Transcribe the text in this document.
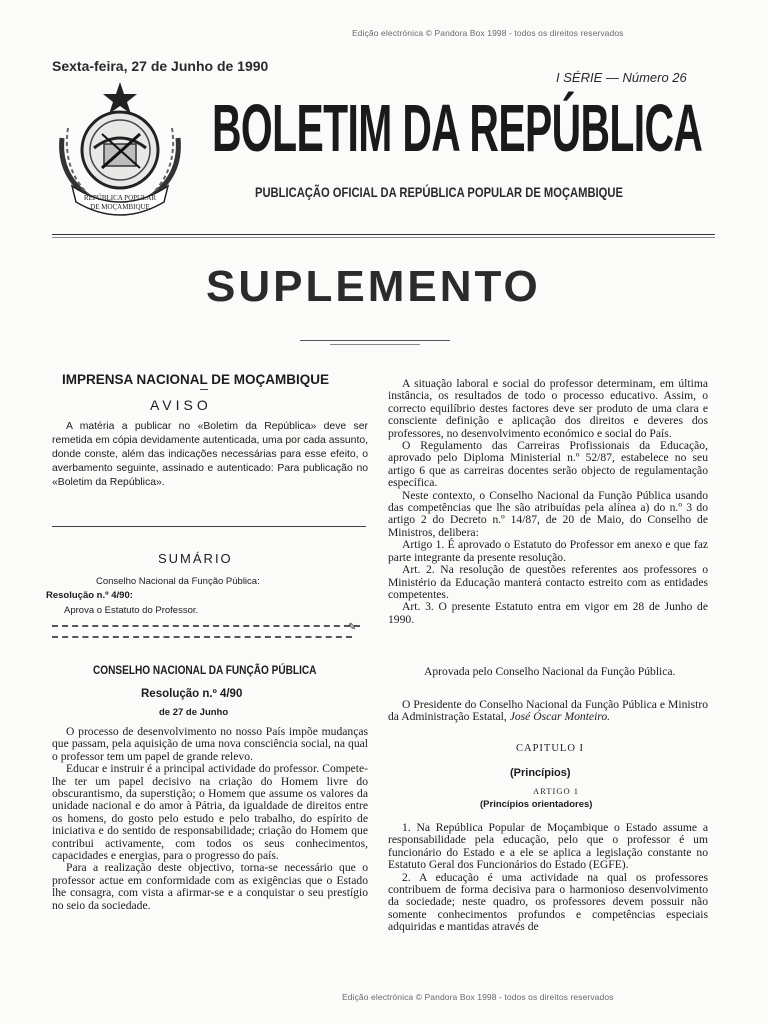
Edição electrónica © Pandora Box 1998 - todos os direitos reservados
Sexta-feira, 27 de Junho de 1990
I SÉRIE — Número 26
REPÚBLICA POPULAR
DE MOÇAMBIQUE
BOLETIM DA REPÚBLICA
PUBLICAÇÃO OFICIAL DA REPÚBLICA POPULAR DE MOÇAMBIQUE
SUPLEMENTO
IMPRENSA NACIONAL DE MOÇAMBIQUE
AVISO

A matéria a publicar no «Boletim da República» deve ser remetida em cópia devidamente autenticada, uma por cada assunto, donde conste, além das indicações necessárias para esse efeito, o averbamento seguinte, assinado e autenticado: Para publicação no «Boletim da República».

SUMÁRIO
Conselho Nacional da Função Pública:
Resolução n.º 4/90:
Aprova o Estatuto do Professor.
✎
CONSELHO NACIONAL DA FUNÇÃO PÚBLICA
Resolução n.º 4/90
de 27 de Junho

O processo de desenvolvimento no nosso País impõe mudanças que passam, pela aquisição de uma nova consciência social, na qual o professor tem um papel de grande relevo.

Educar e instruir é a principal actividade do professor. Compete-lhe ter um papel decisivo na criação do Homem livre do obscurantismo, da superstição; o Homem que assume os valores da unidade nacional e do amor à Pátria, da igualdade de direitos entre os homens, do gosto pelo estudo e pelo trabalho, do espírito de iniciativa e do sentido de responsabilidade; criação do Homem que contribui activamente, com todos os seus conhecimentos, capacidades e energias, para o progresso do país.

Para a realização deste objectivo, torna-se necessário que o professor actue em conformidade com as exigências que o Estado lhe consagra, com vista a afirmar-se e a conquistar o seu prestígio no seio da sociedade.

A situação laboral e social do professor determinam, em última instância, os resultados de todo o processo educativo. Assim, o correcto equilíbrio destes factores deve ser produto de uma clara e consciente definição e aplicação dos direitos e deveres dos professores, no desenvolvimento económico e social do País.

O Regulamento das Carreiras Profissionais da Educação, aprovado pelo Diploma Ministerial n.º 52/87, estabelece no seu artigo 6 que as carreiras docentes serão objecto de regulamentação específica.

Neste contexto, o Conselho Nacional da Função Pública usando das competências que lhe são atribuídas pela alínea a) do n.º 3 do artigo 2 do Decreto n.º 14/87, de 20 de Maio, do Conselho de Ministros, delibera:

Artigo 1. É aprovado o Estatuto do Professor em anexo e que faz parte integrante da presente resolução.

Art. 2. Na resolução de questões referentes aos professores o Ministério da Educação manterá contacto estreito com as entidades competentes.

Art. 3. O presente Estatuto entra em vigor em 28 de Junho de 1990.

Aprovada pelo Conselho Nacional da Função Pública.

O Presidente do Conselho Nacional da Função Pública e Ministro da Administração Estatal, José Óscar Monteiro.

CAPITULO I
(Princípios)
ARTIGO 1
(Princípios orientadores)

1. Na República Popular de Moçambique o Estado assume a responsabilidade pela educação, pelo que o professor é um funcionário do Estado e a ele se aplica a legislação constante no Estatuto Geral dos Funcionários do Estado (EGFE).

2. A educação é uma actividade na qual os professores contribuem de forma decisiva para o harmonioso desenvolvimento da sociedade; neste quadro, os professores devem possuir não somente conhecimentos profundos e competências especiais adquiridas e mantidas através de

Edição electrónica © Pandora Box 1998 - todos os direitos reservados
